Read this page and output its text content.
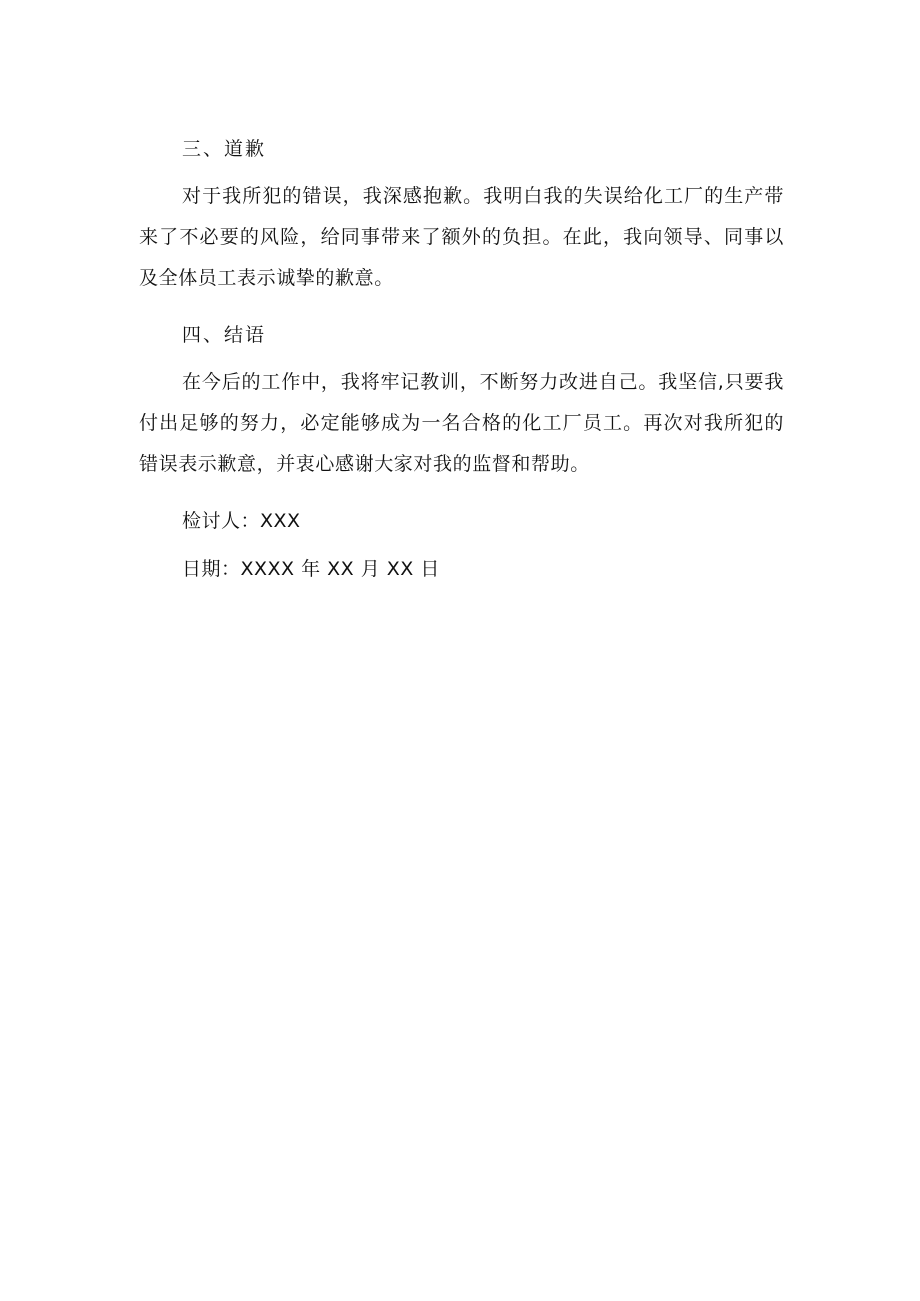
三、道歉
对于我所犯的错误，我深感抱歉。我明白我的失误给化工厂的生产带来了不必要的风险，给同事带来了额外的负担。在此，我向领导、同事以及全体员工表示诚挚的歉意。
四、结语
在今后的工作中，我将牢记教训，不断努力改进自己。我坚信,只要我付出足够的努力，必定能够成为一名合格的化工厂员工。再次对我所犯的错误表示歉意，并衷心感谢大家对我的监督和帮助。
检讨人：XXX
日期：XXXX 年 XX 月 XX 日
